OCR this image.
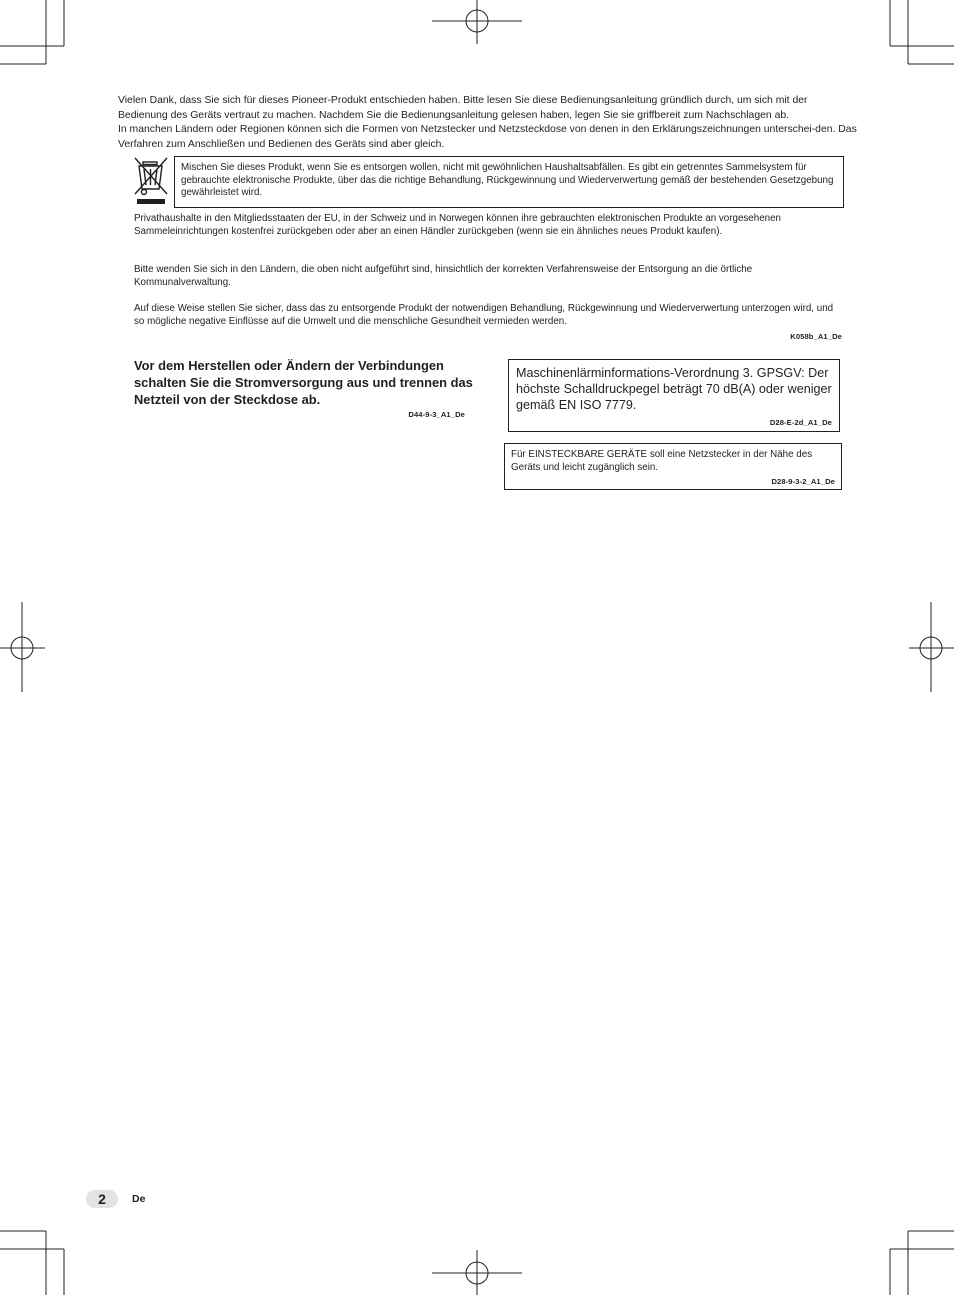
Vielen Dank, dass Sie sich für dieses Pioneer-Produkt entschieden haben. Bitte lesen Sie diese Bedienungsanleitung gründlich durch, um sich mit der Bedienung des Geräts vertraut zu machen. Nachdem Sie die Bedienungsanleitung gelesen haben, legen Sie sie griffbereit zum Nachschlagen ab.

In manchen Ländern oder Regionen können sich die Formen von Netzstecker und Netzsteckdose von denen in den Erklärungszeichnungen unterschei-den. Das Verfahren zum Anschließen und Bedienen des Geräts sind aber gleich.

Mischen Sie dieses Produkt, wenn Sie es entsorgen wollen, nicht mit gewöhnlichen Haushaltsabfällen. Es gibt ein getrenntes Sammelsystem für gebrauchte elektronische Produkte, über das die richtige Behandlung, Rückgewinnung und Wiederverwertung gemäß der bestehenden Gesetzgebung gewährleistet wird.

Privathaushalte in den Mitgliedsstaaten der EU, in der Schweiz und in Norwegen können ihre gebrauchten elektronischen Produkte an vorgesehenen Sammeleinrichtungen kostenfrei zurückgeben oder aber an einen Händler zurückgeben (wenn sie ein ähnliches neues Produkt kaufen).

Bitte wenden Sie sich in den Ländern, die oben nicht aufgeführt sind, hinsichtlich der korrekten Verfahrensweise der Entsorgung an die örtliche Kommunalverwaltung.

Auf diese Weise stellen Sie sicher, dass das zu entsorgende Produkt der notwendigen Behandlung, Rückgewinnung und Wiederverwertung unterzogen wird, und so mögliche negative Einflüsse auf die Umwelt und die menschliche Gesundheit vermieden werden.

K058b_A1_De
Vor dem Herstellen oder Ändern der Verbindungen schalten Sie die Stromversorgung aus und trennen das Netzteil von der Steckdose ab.
D44-9-3_A1_De
Maschinenlärminformations-Verordnung 3. GPSGV: Der höchste Schalldruckpegel beträgt 70 dB(A) oder weniger gemäß EN ISO 7779.
D28-E-2d_A1_De
Für EINSTECKBARE GERÄTE soll eine Netzstecker in der Nähe des Geräts und leicht zugänglich sein.
D28-9-3-2_A1_De
2	De
